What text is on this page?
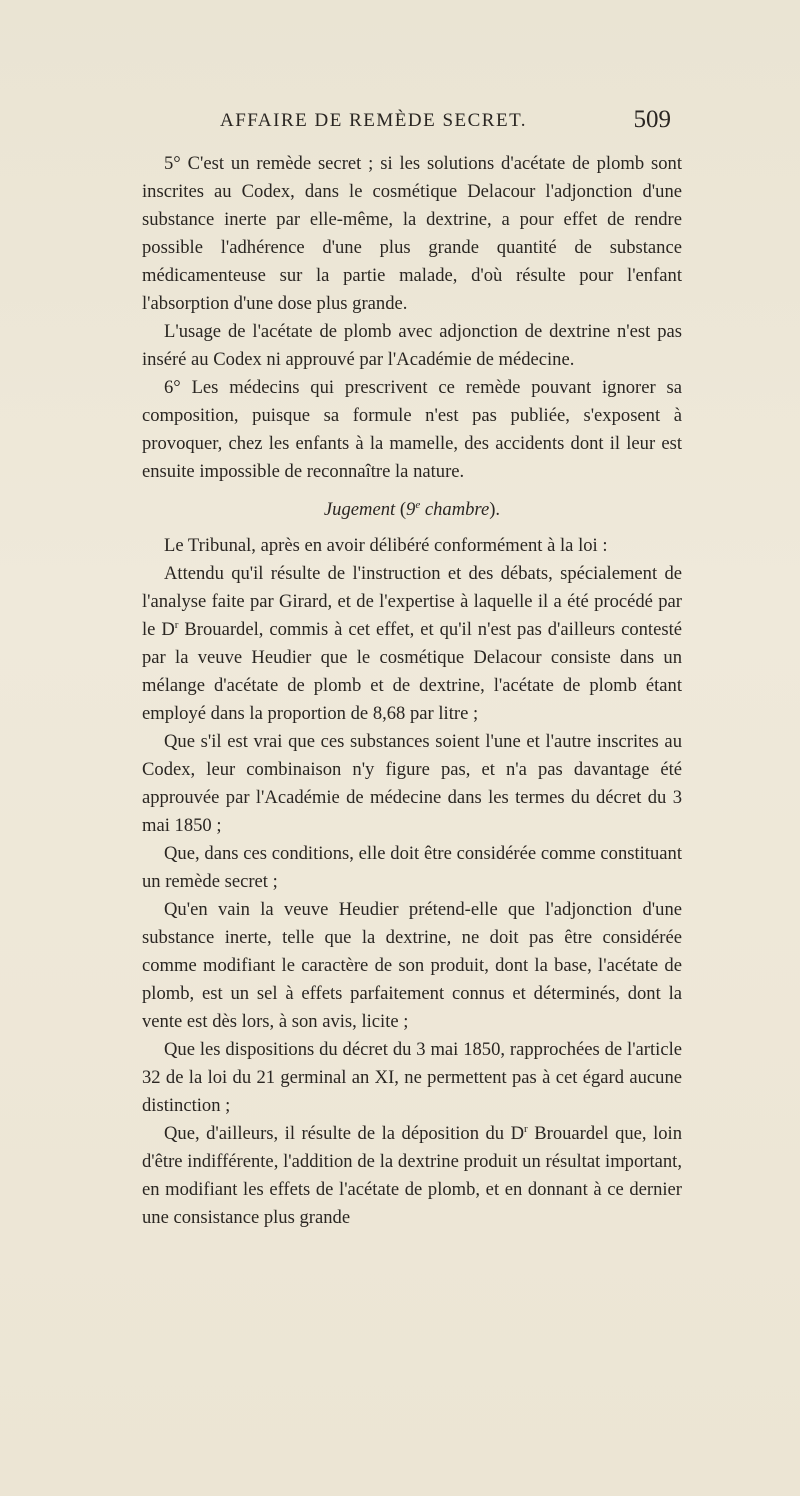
AFFAIRE DE REMÈDE SECRET.	509

5° C'est un remède secret ; si les solutions d'acétate de plomb sont inscrites au Codex, dans le cosmétique Delacour l'adjonction d'une substance inerte par elle-même, la dextrine, a pour effet de rendre possible l'adhérence d'une plus grande quantité de substance médicamenteuse sur la partie malade, d'où résulte pour l'enfant l'absorption d'une dose plus grande.

L'usage de l'acétate de plomb avec adjonction de dextrine n'est pas inséré au Codex ni approuvé par l'Académie de médecine.

6° Les médecins qui prescrivent ce remède pouvant ignorer sa composition, puisque sa formule n'est pas publiée, s'exposent à provoquer, chez les enfants à la mamelle, des accidents dont il leur est ensuite impossible de reconnaître la nature.

Jugement (9e chambre).

Le Tribunal, après en avoir délibéré conformément à la loi :

Attendu qu'il résulte de l'instruction et des débats, spécialement de l'analyse faite par Girard, et de l'expertise à laquelle il a été procédé par le $D^r$ Brouardel, commis à cet effet, et qu'il n'est pas d'ailleurs contesté par la veuve Heudier que le cosmétique Delacour consiste dans un mélange d'acétate de plomb et de dextrine, l'acétate de plomb étant employé dans la proportion de 8,68 par litre ;

Que s'il est vrai que ces substances soient l'une et l'autre inscrites au Codex, leur combinaison n'y figure pas, et n'a pas davantage été approuvée par l'Académie de médecine dans les termes du décret du 3 mai 1850 ;

Que, dans ces conditions, elle doit être considérée comme constituant un remède secret ;

Qu'en vain la veuve Heudier prétend-elle que l'adjonction d'une substance inerte, telle que la dextrine, ne doit pas être considérée comme modifiant le caractère de son produit, dont la base, l'acétate de plomb, est un sel à effets parfaitement connus et déterminés, dont la vente est dès lors, à son avis, licite ;

Que les dispositions du décret du 3 mai 1850, rapprochées de l'article 32 de la loi du 21 germinal an XI, ne permettent pas à cet égard aucune distinction ;

Que, d'ailleurs, il résulte de la déposition du $D^r$ Brouardel que, loin d'être indifférente, l'addition de la dextrine produit un résultat important, en modifiant les effets de l'acétate de plomb, et en donnant à ce dernier une consistance plus grande
